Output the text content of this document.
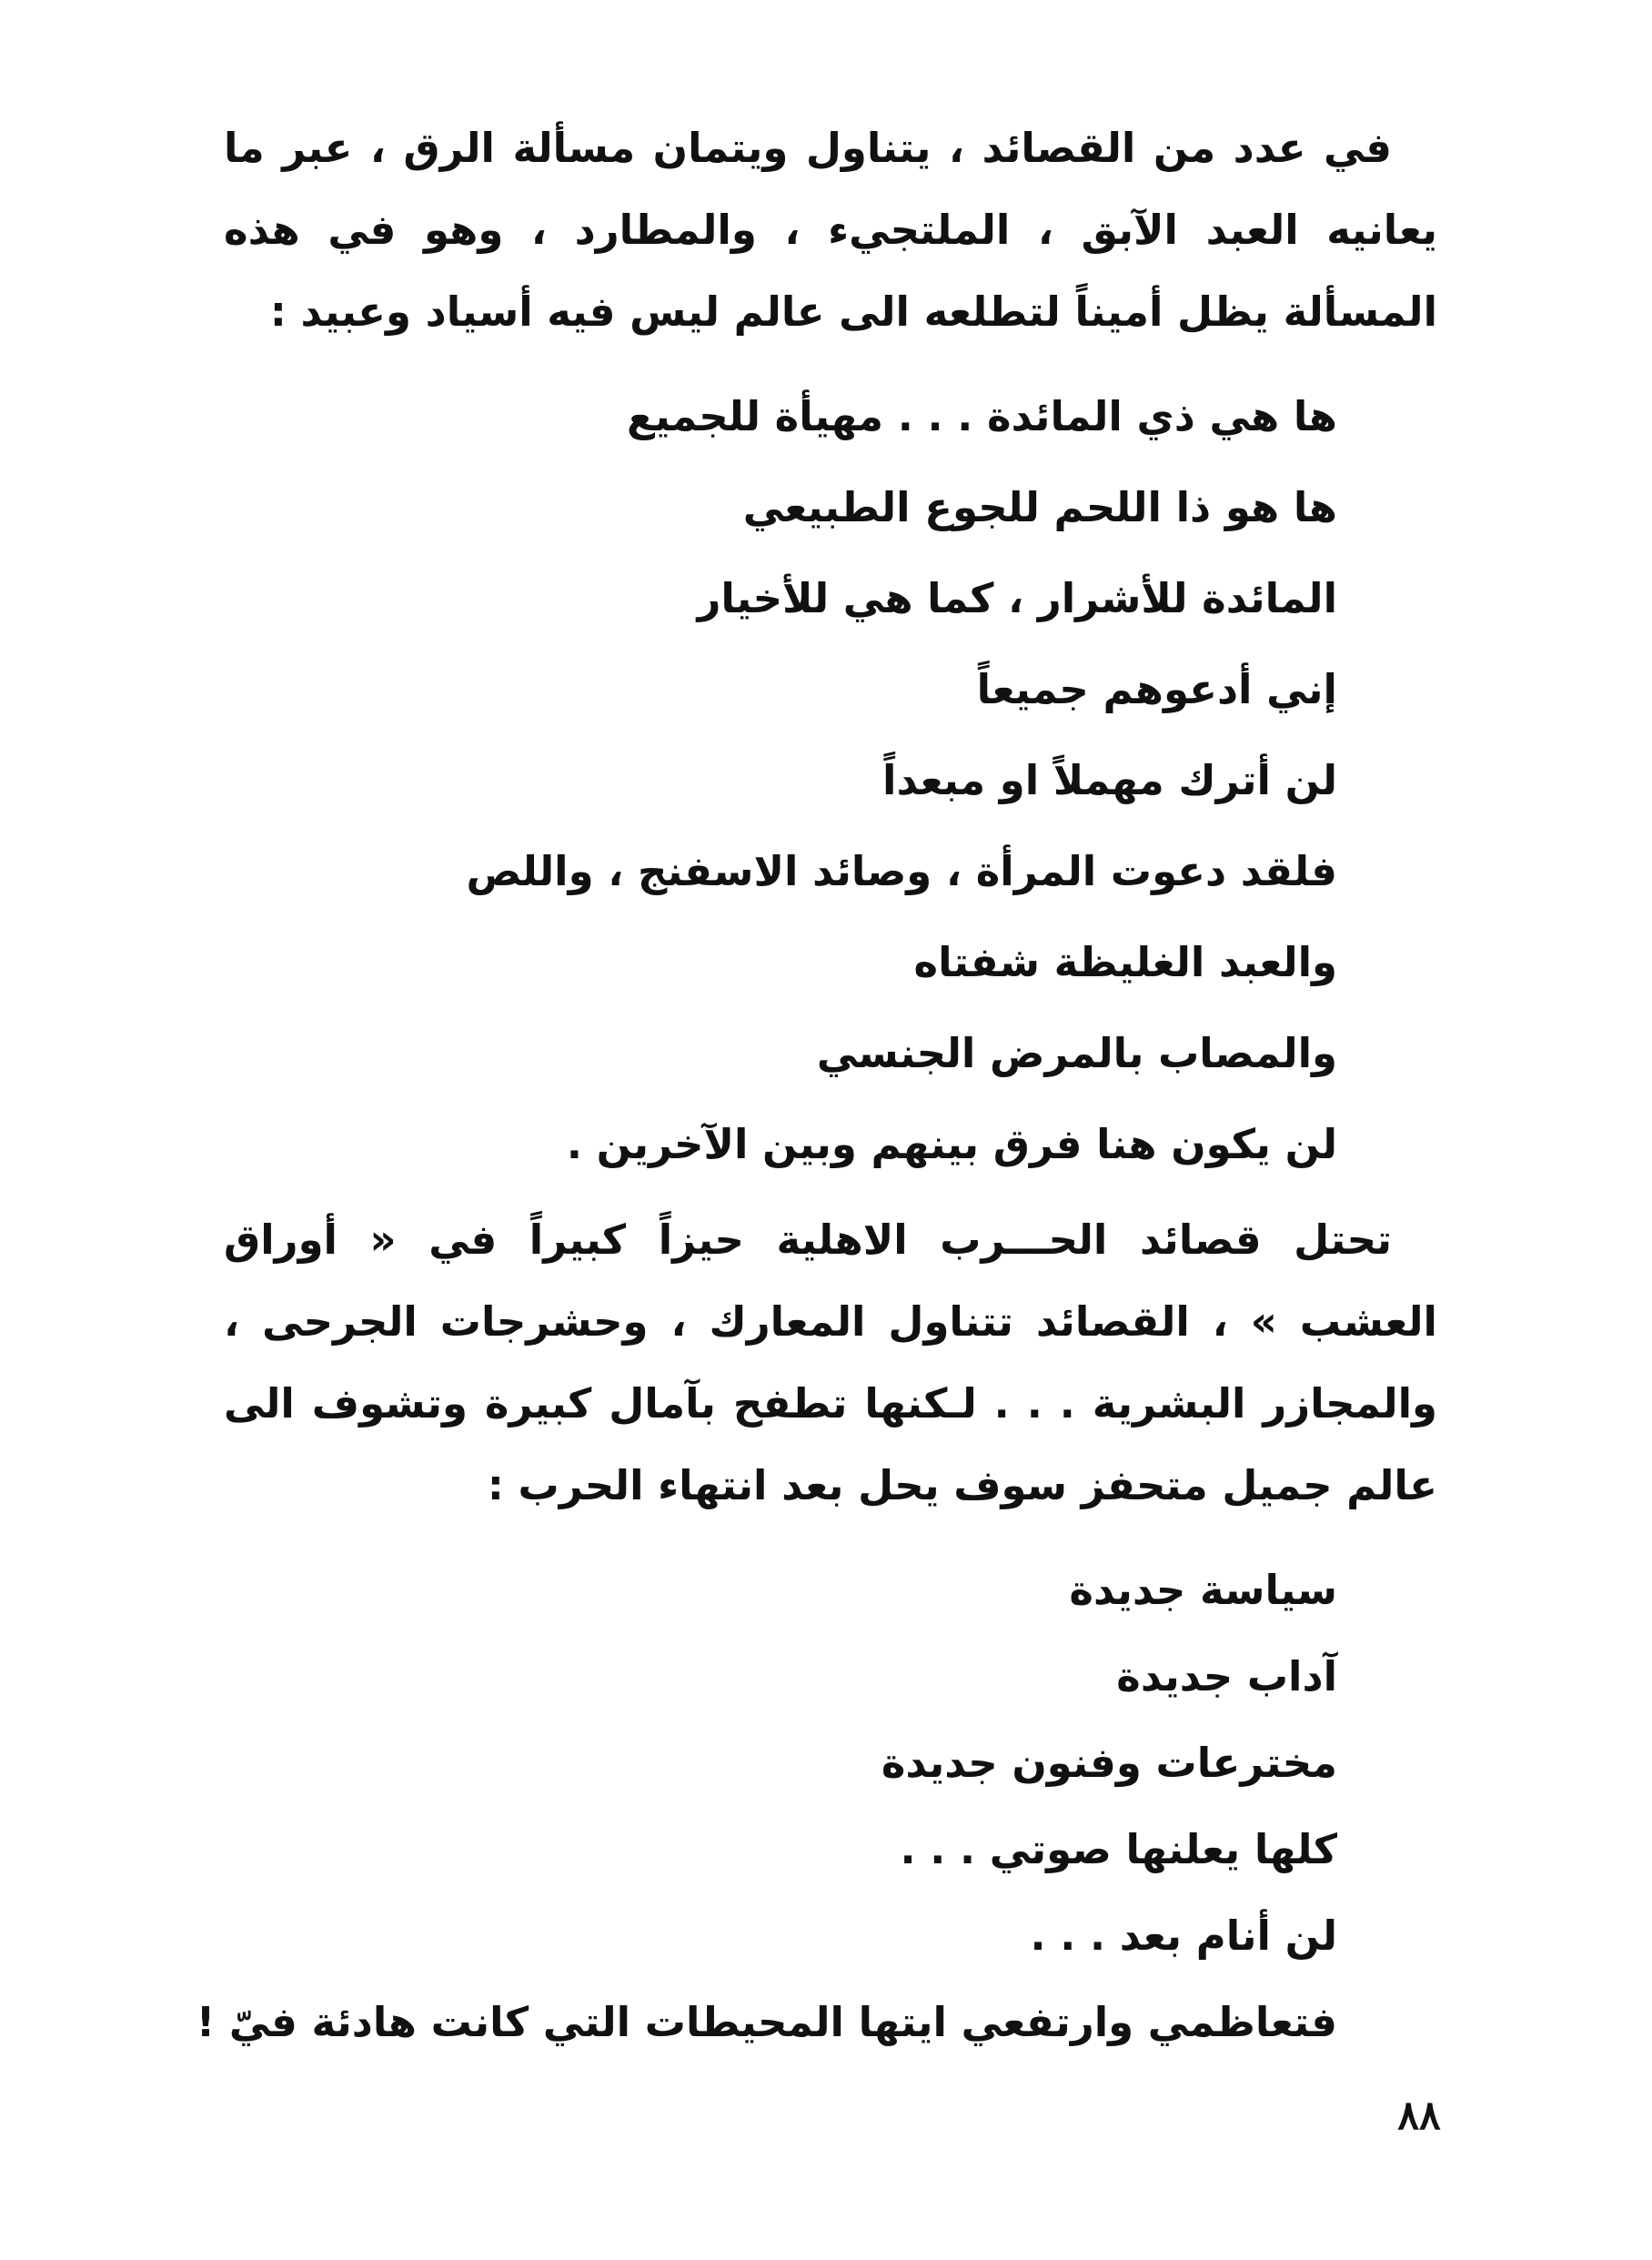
في عدد من القصائد ، يتناول ويتمان مسألة الرق ، عبر ما يعانيه العبد الآبق ، الملتجيء ، والمطارد ، وهو في هذه المسألة يظل أميناً لتطلعه الى عالم ليس فيه أسياد وعبيد :

ها هي ذي المائدة . . . مهيأة للجميع
ها هو ذا اللحم للجوع الطبيعي
المائدة للأشرار ، كما هي للأخيار
إني أدعوهم جميعاً
لن أترك مهملاً او مبعداً
فلقد دعوت المرأة ، وصائد الاسفنج ، واللص
والعبد الغليظة شفتاه
والمصاب بالمرض الجنسي
لن يكون هنا فرق بينهم وبين الآخرين .

تحتل قصائد الحـــرب الاهلية حيزاً كبيراً في « أوراق العشب » ، القصائد تتناول المعارك ، وحشرجات الجرحى ، والمجازر البشرية . . . لـكنها تطفح بآمال كبيرة وتشوف الى عالم جميل متحفز سوف يحل بعد انتهاء الحرب :

سياسة جديدة
آداب جديدة
مخترعات وفنون جديدة
كلها يعلنها صوتي . . .
لن أنام بعد . . .
فتعاظمي وارتفعي ايتها المحيطات التي كانت هادئة فيّ !
٨٨
